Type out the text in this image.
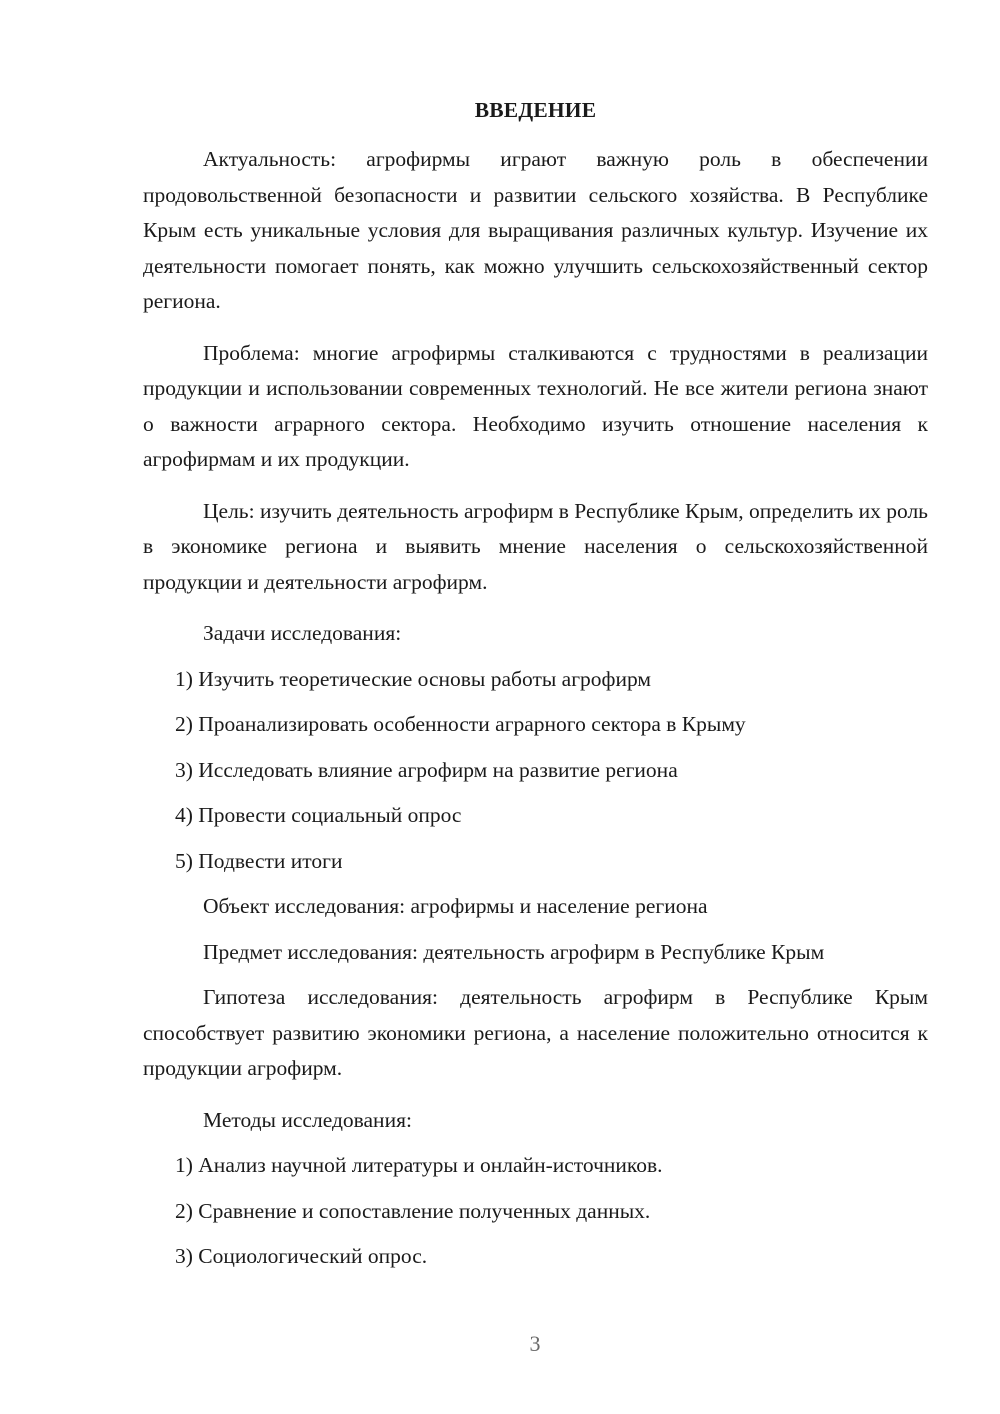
ВВЕДЕНИЕ

Актуальность: агрофирмы играют важную роль в обеспечении продовольственной безопасности и развитии сельского хозяйства. В Республике Крым есть уникальные условия для выращивания различных культур. Изучение их деятельности помогает понять, как можно улучшить сельскохозяйственный сектор региона.

Проблема: многие агрофирмы сталкиваются с трудностями в реализации продукции и использовании современных технологий. Не все жители региона знают о важности аграрного сектора. Необходимо изучить отношение населения к агрофирмам и их продукции.

Цель: изучить деятельность агрофирм в Республике Крым, определить их роль в экономике региона и выявить мнение населения о сельскохозяйственной продукции и деятельности агрофирм.

Задачи исследования:

1) Изучить теоретические основы работы агрофирм
2) Проанализировать особенности аграрного сектора в Крыму
3) Исследовать влияние агрофирм на развитие региона
4) Провести социальный опрос
5) Подвести итоги

Объект исследования: агрофирмы и население региона

Предмет исследования: деятельность агрофирм в Республике Крым

Гипотеза исследования: деятельность агрофирм в Республике Крым способствует развитию экономики региона, а население положительно относится к продукции агрофирм.

Методы исследования:

1) Анализ научной литературы и онлайн-источников.
2) Сравнение и сопоставление полученных данных.
3) Социологический опрос.
3
